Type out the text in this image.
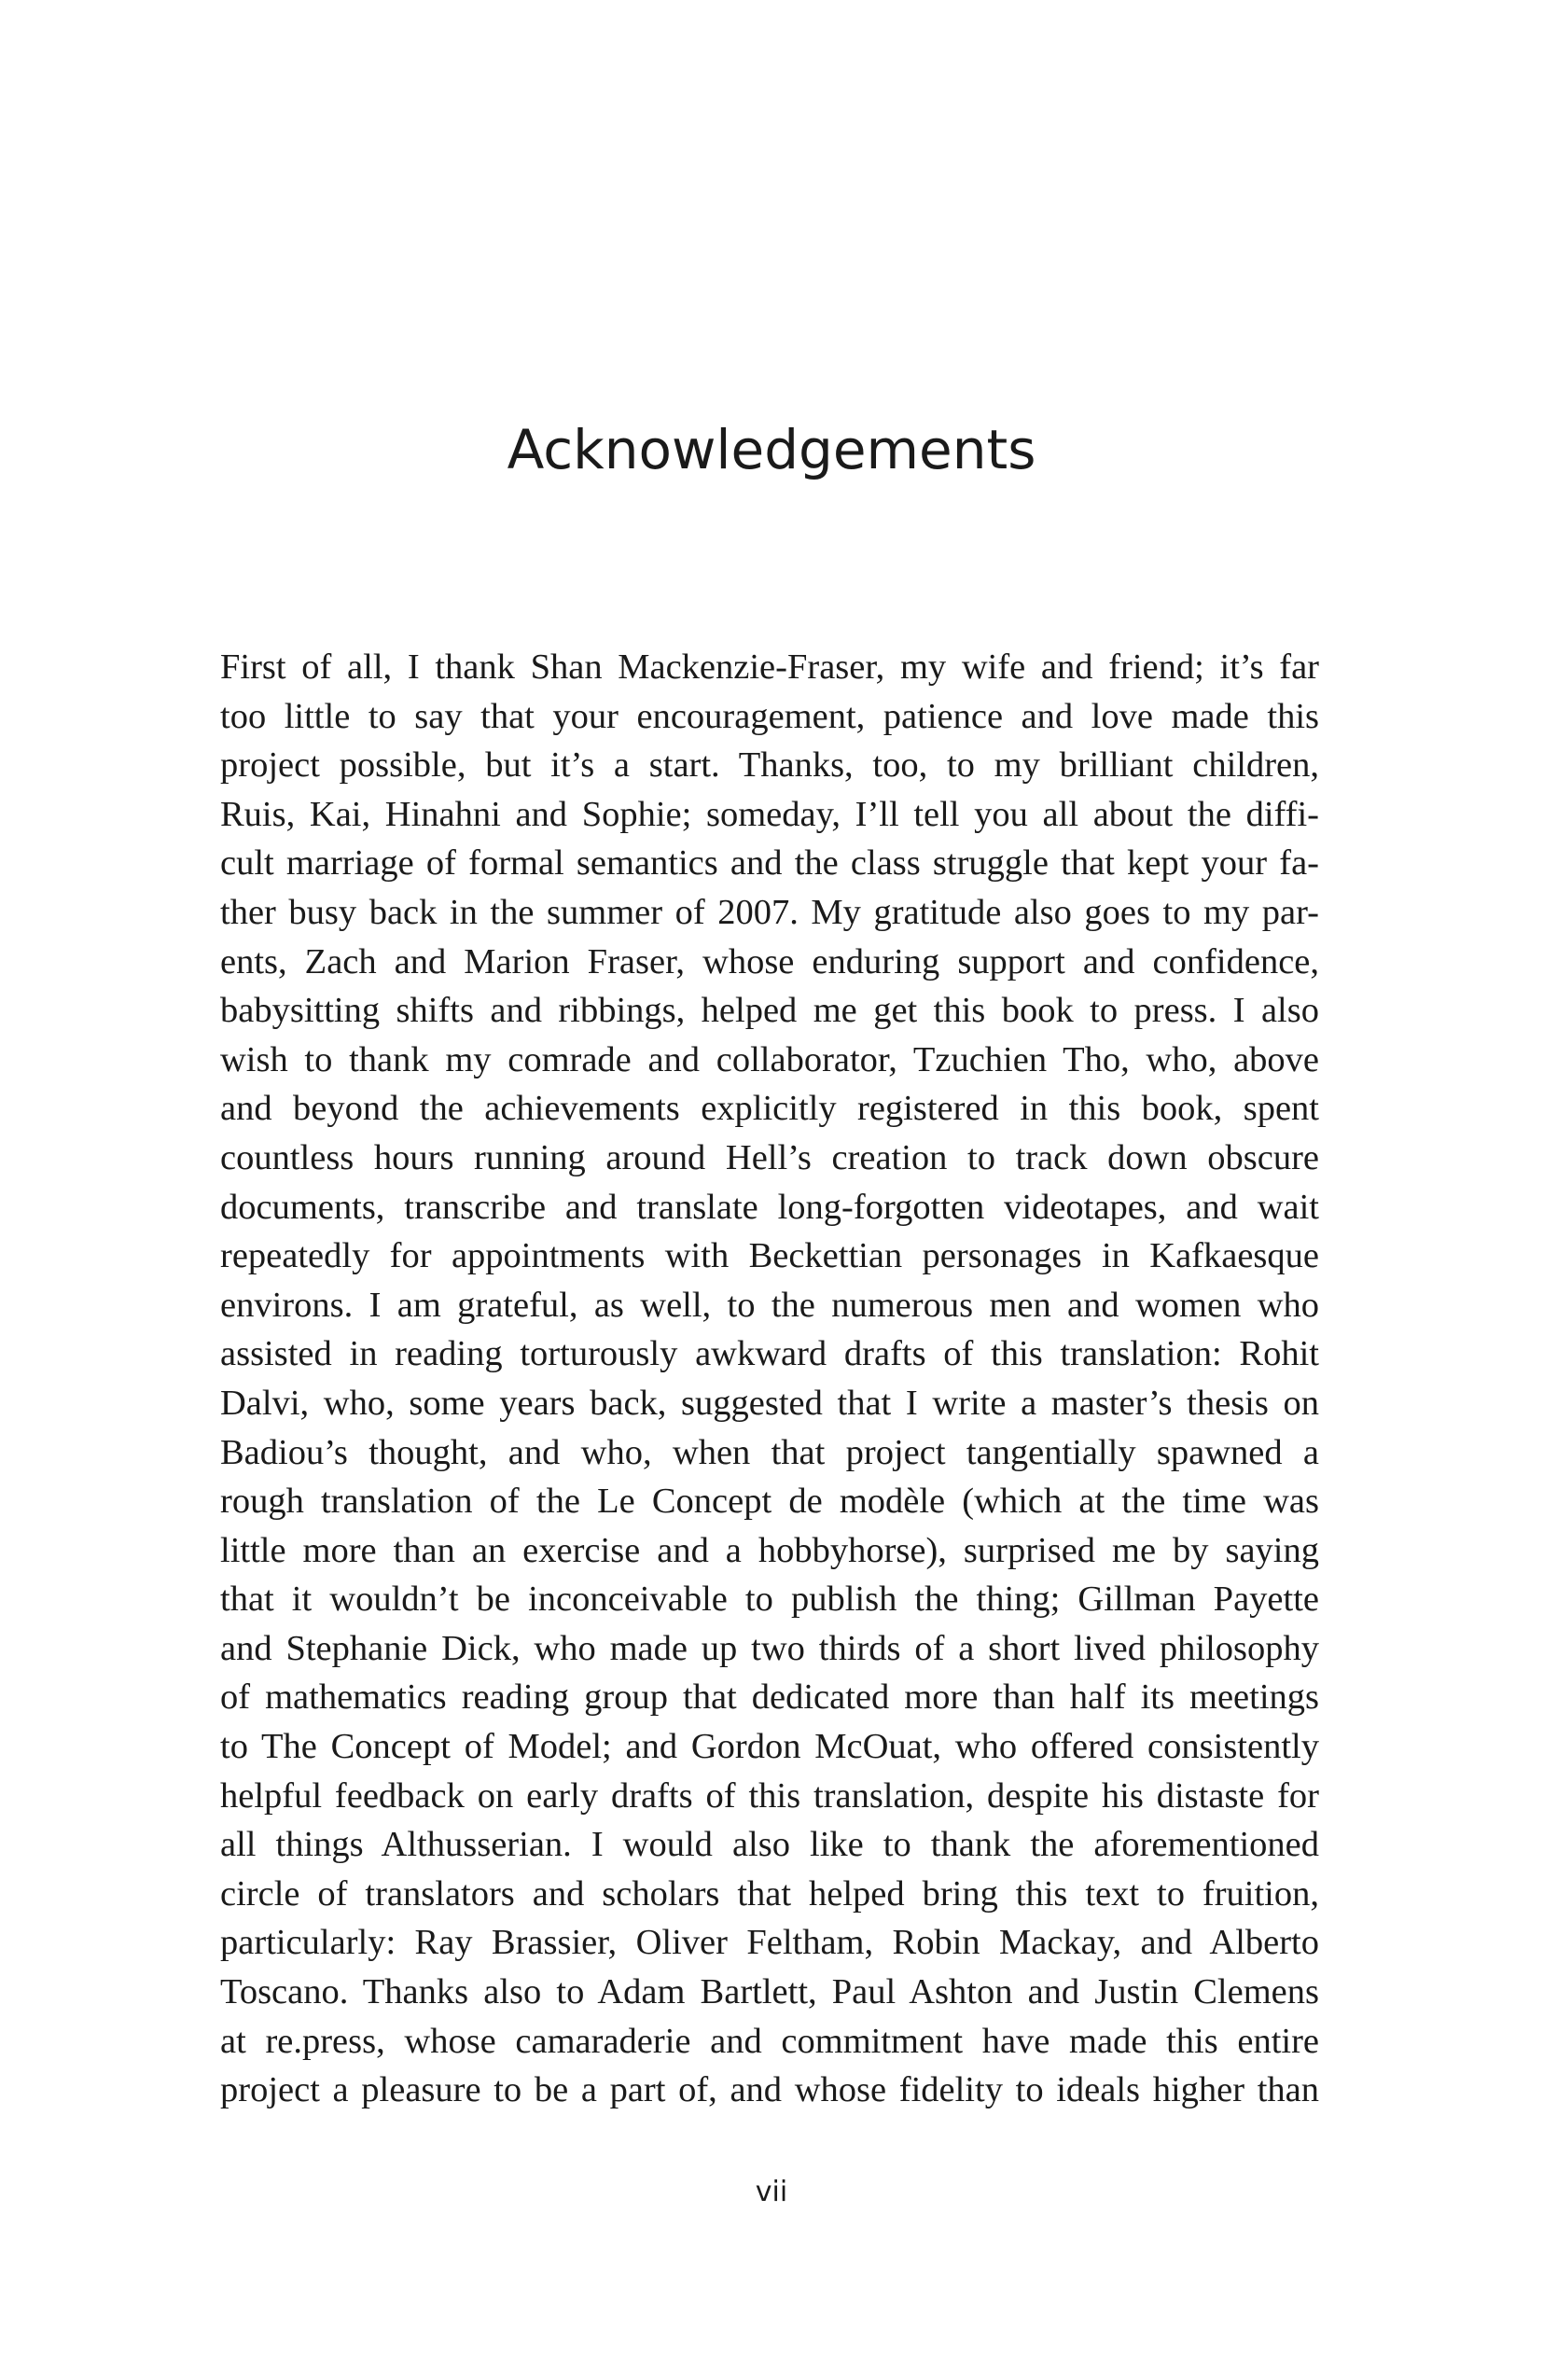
Acknowledgements
First of all, I thank Shan Mackenzie-Fraser, my wife and friend; it’s far
too little to say that your encouragement, patience and love made this
project possible, but it’s a start. Thanks, too, to my brilliant children,
Ruis, Kai, Hinahni and Sophie; someday, I’ll tell you all about the diffi-
cult marriage of formal semantics and the class struggle that kept your fa-
ther busy back in the summer of 2007. My gratitude also goes to my par-
ents, Zach and Marion Fraser, whose enduring support and confidence,
babysitting shifts and ribbings, helped me get this book to press. I also
wish to thank my comrade and collaborator, Tzuchien Tho, who, above
and beyond the achievements explicitly registered in this book, spent
countless hours running around Hell’s creation to track down obscure
documents, transcribe and translate long-forgotten videotapes, and wait
repeatedly for appointments with Beckettian personages in Kafkaesque
environs. I am grateful, as well, to the numerous men and women who
assisted in reading torturously awkward drafts of this translation: Rohit
Dalvi, who, some years back, suggested that I write a master’s thesis on
Badiou’s thought, and who, when that project tangentially spawned a
rough translation of the Le Concept de modèle (which at the time was
little more than an exercise and a hobbyhorse), surprised me by saying
that it wouldn’t be inconceivable to publish the thing; Gillman Payette
and Stephanie Dick, who made up two thirds of a short lived philosophy
of mathematics reading group that dedicated more than half its meetings
to The Concept of Model; and Gordon McOuat, who offered consistently
helpful feedback on early drafts of this translation, despite his distaste for
all things Althusserian. I would also like to thank the aforementioned
circle of translators and scholars that helped bring this text to fruition,
particularly: Ray Brassier, Oliver Feltham, Robin Mackay, and Alberto
Toscano. Thanks also to Adam Bartlett, Paul Ashton and Justin Clemens
at re.press, whose camaraderie and commitment have made this entire
project a pleasure to be a part of, and whose fidelity to ideals higher than
vii
